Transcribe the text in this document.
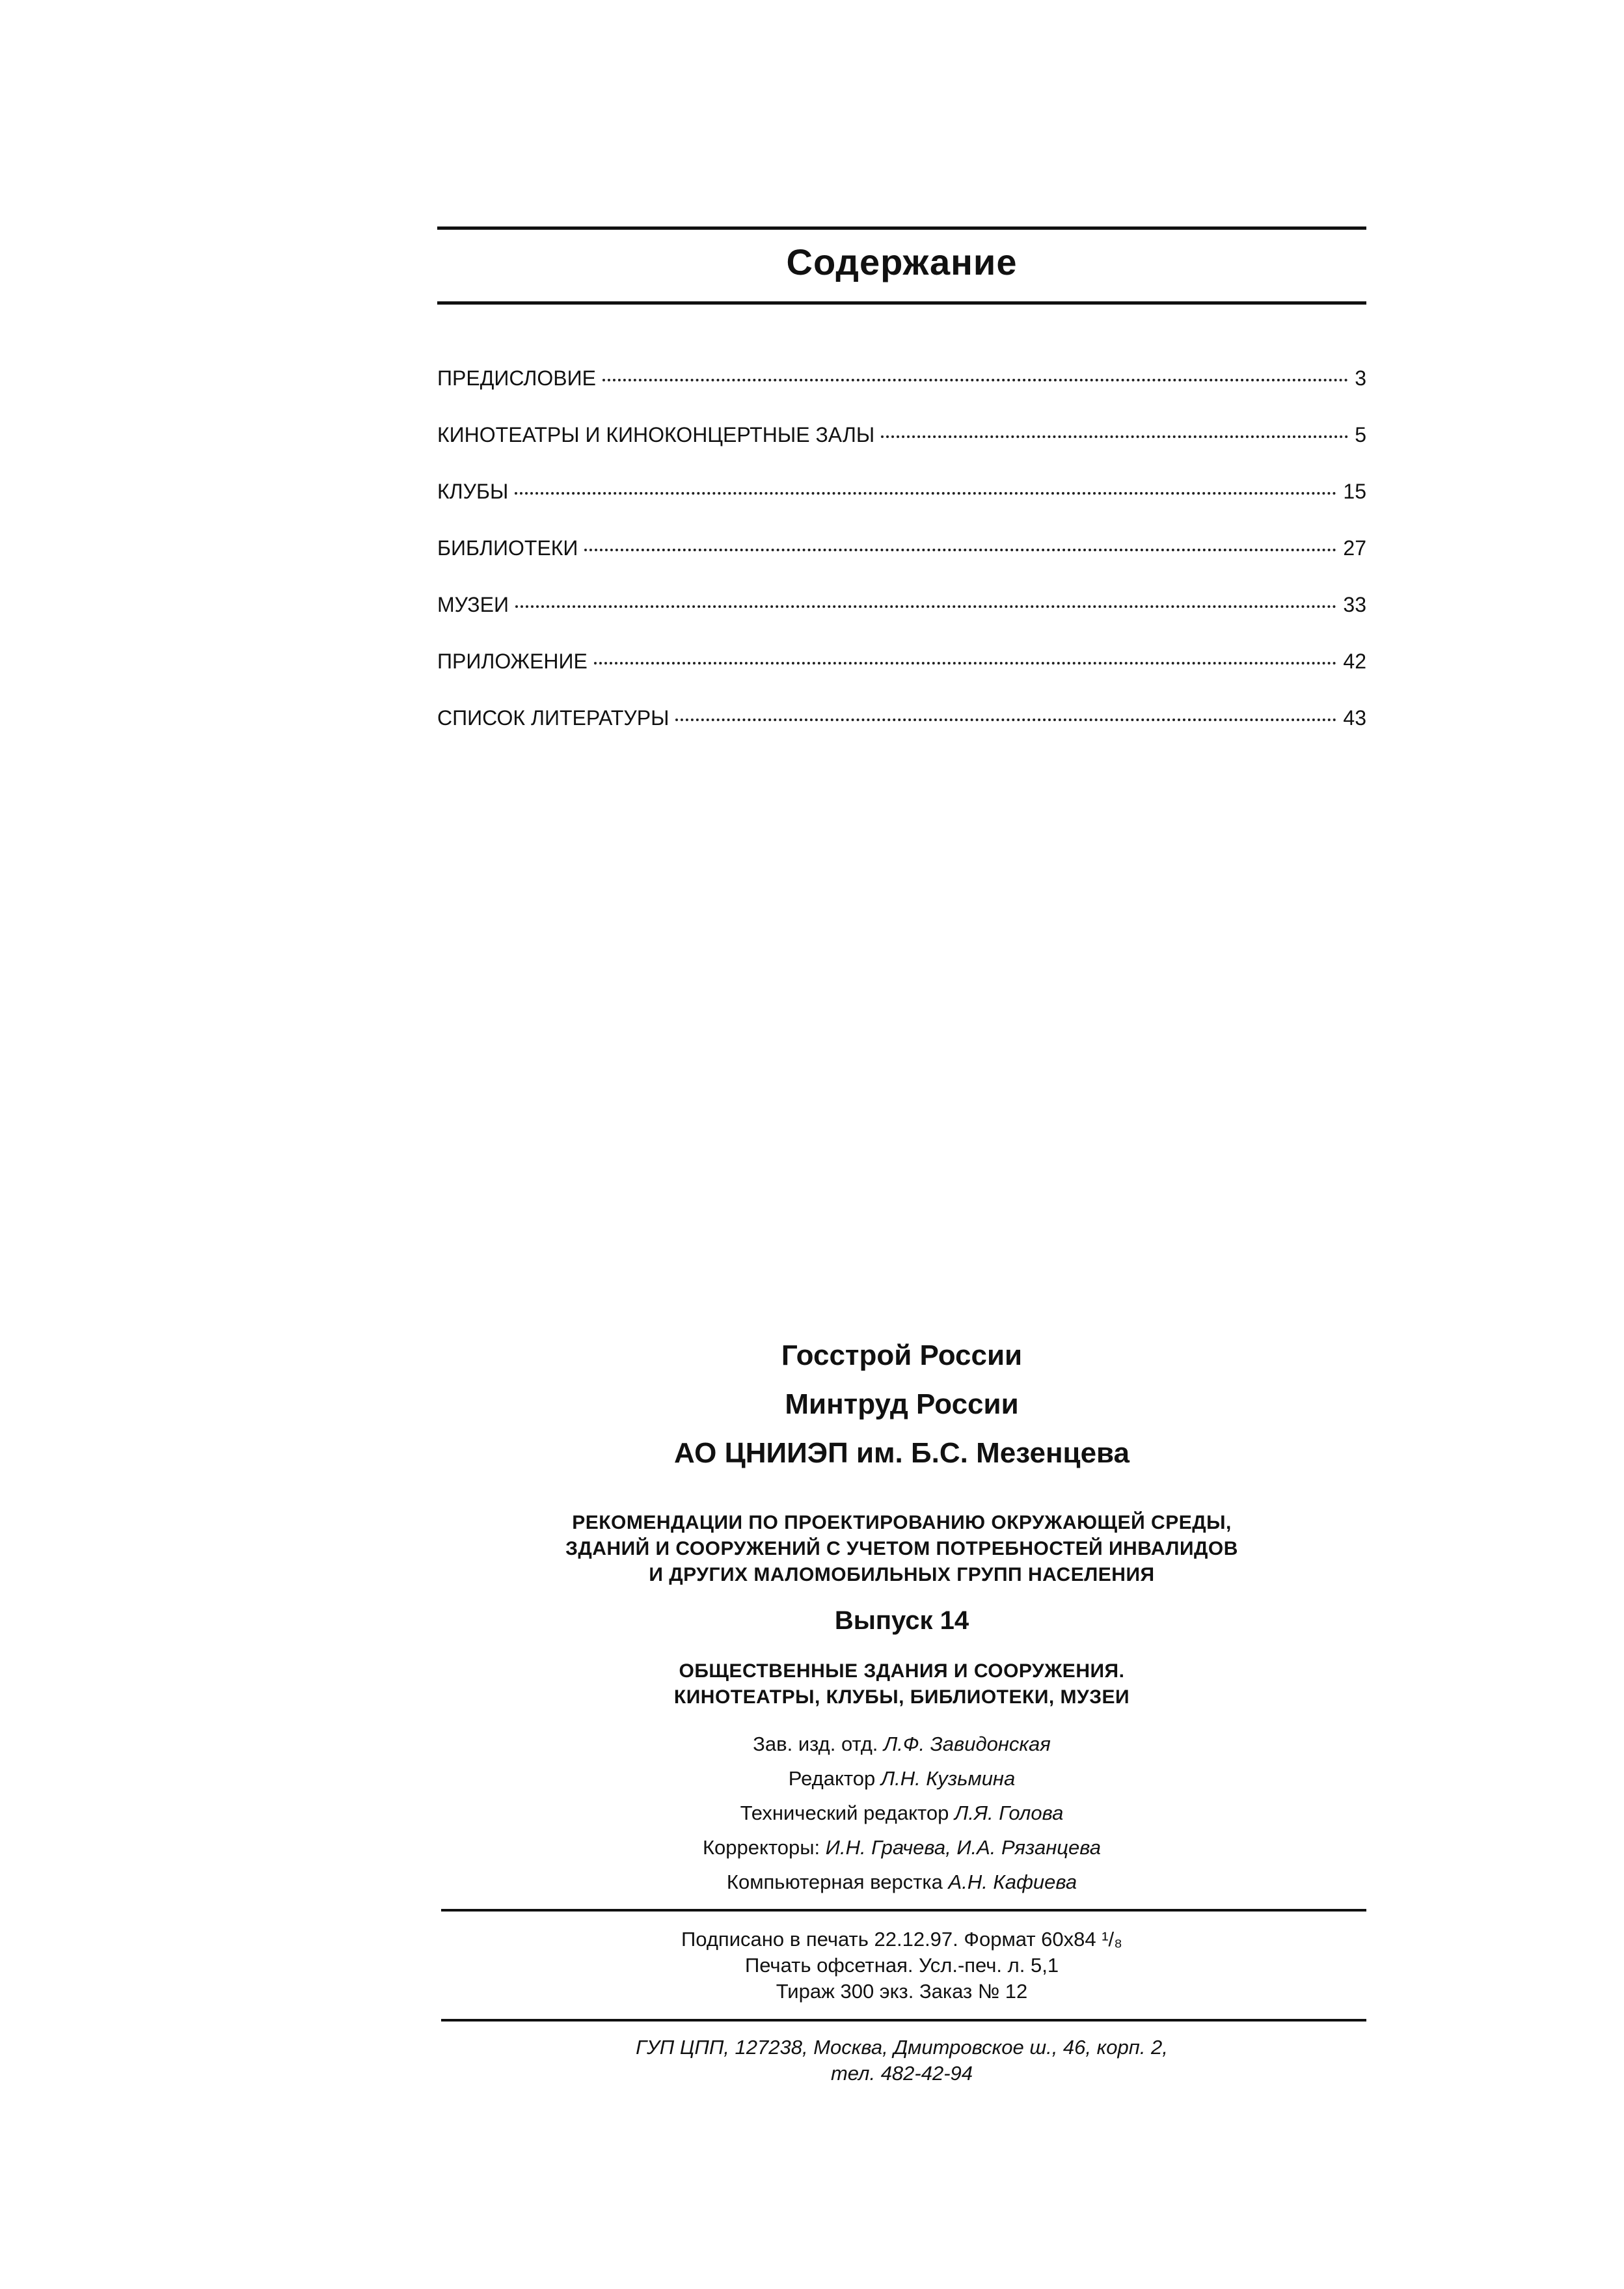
Содержание
ПРЕДИСЛОВИЕ	3
КИНОТЕАТРЫ И КИНОКОНЦЕРТНЫЕ ЗАЛЫ	5
КЛУБЫ	15
БИБЛИОТЕКИ	27
МУЗЕИ	33
ПРИЛОЖЕНИЕ	42
СПИСОК ЛИТЕРАТУРЫ	43
Госстрой России
Минтруд России
АО ЦНИИЭП им. Б.С. Мезенцева
РЕКОМЕНДАЦИИ ПО ПРОЕКТИРОВАНИЮ ОКРУЖАЮЩЕЙ СРЕДЫ,
ЗДАНИЙ И СООРУЖЕНИЙ С УЧЕТОМ ПОТРЕБНОСТЕЙ ИНВАЛИДОВ
И ДРУГИХ МАЛОМОБИЛЬНЫХ ГРУПП НАСЕЛЕНИЯ
Выпуск 14
ОБЩЕСТВЕННЫЕ ЗДАНИЯ И СООРУЖЕНИЯ.
КИНОТЕАТРЫ, КЛУБЫ, БИБЛИОТЕКИ, МУЗЕИ
Зав. изд. отд. Л.Ф. Завидонская
Редактор Л.Н. Кузьмина
Технический редактор Л.Я. Голова
Корректоры: И.Н. Грачева, И.А. Рязанцева
Компьютерная верстка А.Н. Кафиева
Подписано в печать 22.12.97. Формат 60х84 ¹/₈
Печать офсетная. Усл.-печ. л. 5,1
Тираж 300 экз. Заказ № 12
ГУП ЦПП, 127238, Москва, Дмитровское ш., 46, корп. 2,
тел. 482-42-94
